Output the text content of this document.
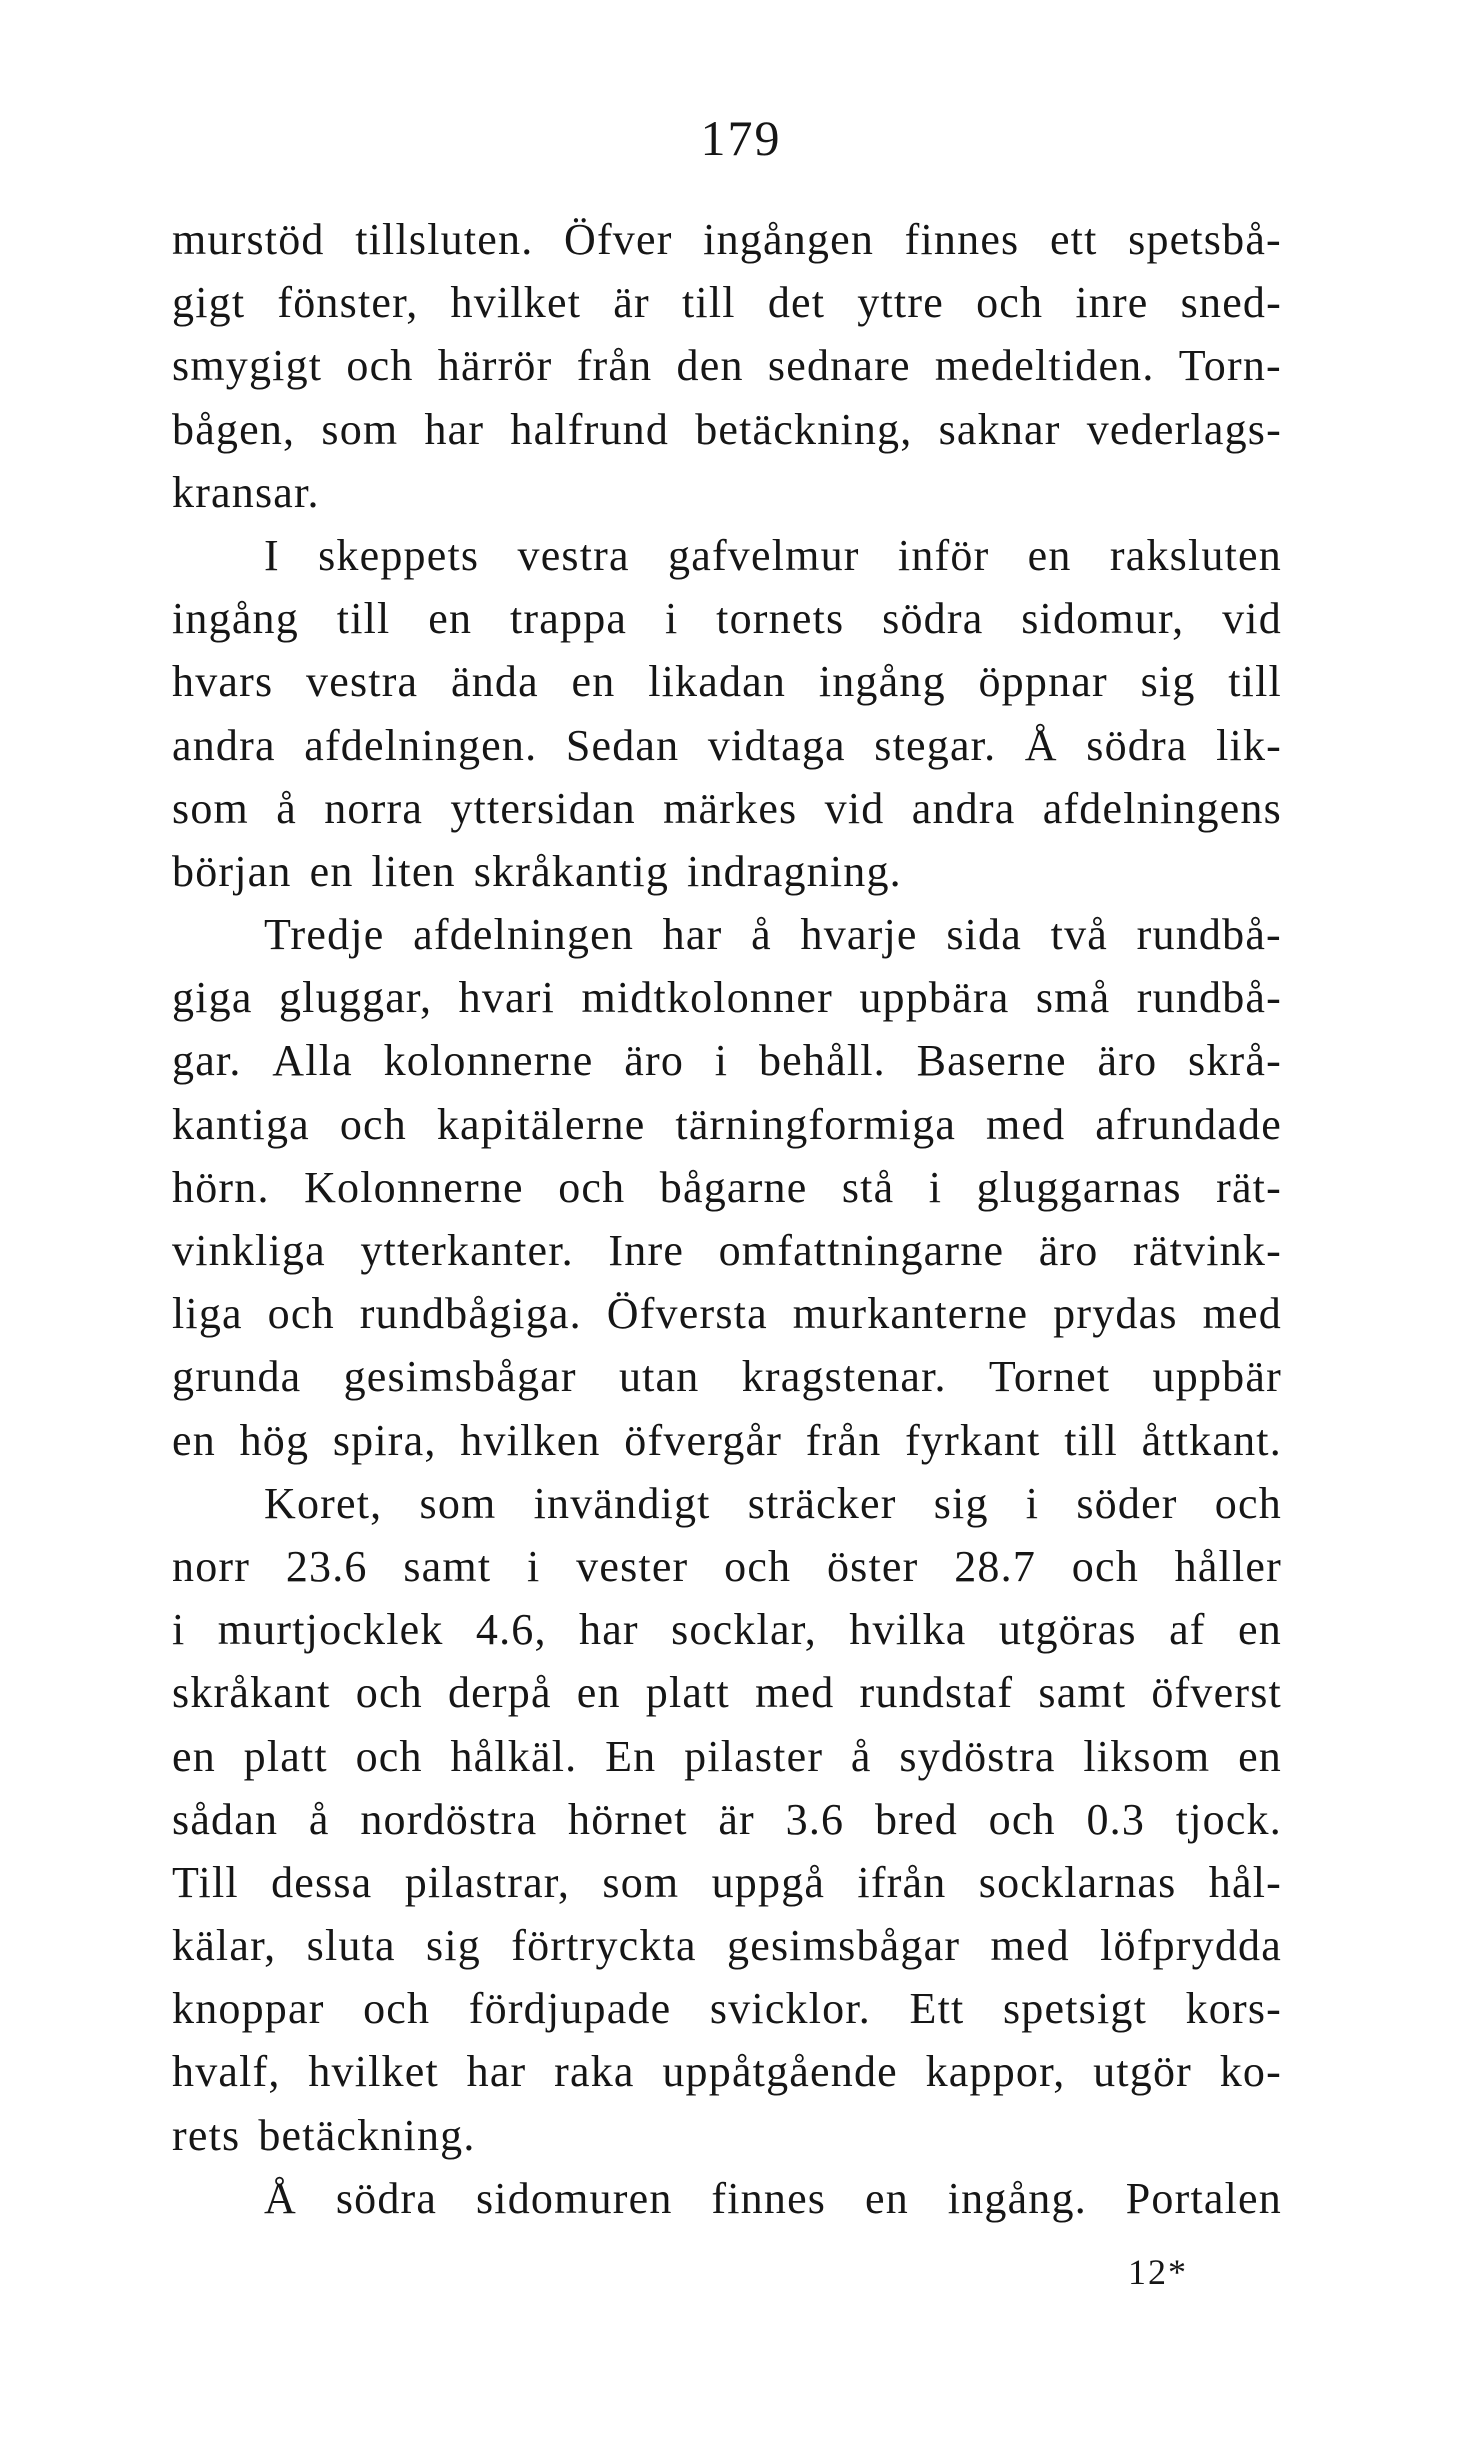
179
murstöd tillsluten. Öfver ingången finnes ett spetsbå-
gigt fönster, hvilket är till det yttre och inre sned-
smygigt och härrör från den sednare medeltiden. Torn-
bågen, som har halfrund betäckning, saknar vederlags-
kransar.
I skeppets vestra gafvelmur inför en raksluten
ingång till en trappa i tornets södra sidomur, vid
hvars vestra ända en likadan ingång öppnar sig till
andra afdelningen. Sedan vidtaga stegar. Å södra lik-
som å norra yttersidan märkes vid andra afdelningens
början en liten skråkantig indragning.
Tredje afdelningen har å hvarje sida två rundbå-
giga gluggar, hvari midtkolonner uppbära små rundbå-
gar. Alla kolonnerne äro i behåll. Baserne äro skrå-
kantiga och kapitälerne tärningformiga med afrundade
hörn. Kolonnerne och bågarne stå i gluggarnas rät-
vinkliga ytterkanter. Inre omfattningarne äro rätvink-
liga och rundbågiga. Öfversta murkanterne prydas med
grunda gesimsbågar utan kragstenar. Tornet uppbär
en hög spira, hvilken öfvergår från fyrkant till åttkant.
Koret, som invändigt sträcker sig i söder och
norr 23.6 samt i vester och öster 28.7 och håller
i murtjocklek 4.6, har socklar, hvilka utgöras af en
skråkant och derpå en platt med rundstaf samt öfverst
en platt och hålkäl. En pilaster å sydöstra liksom en
sådan å nordöstra hörnet är 3.6 bred och 0.3 tjock.
Till dessa pilastrar, som uppgå ifrån socklarnas hål-
kälar, sluta sig förtryckta gesimsbågar med löfprydda
knoppar och fördjupade svicklor. Ett spetsigt kors-
hvalf, hvilket har raka uppåtgående kappor, utgör ko-
rets betäckning.
Å södra sidomuren finnes en ingång. Portalen
12*
